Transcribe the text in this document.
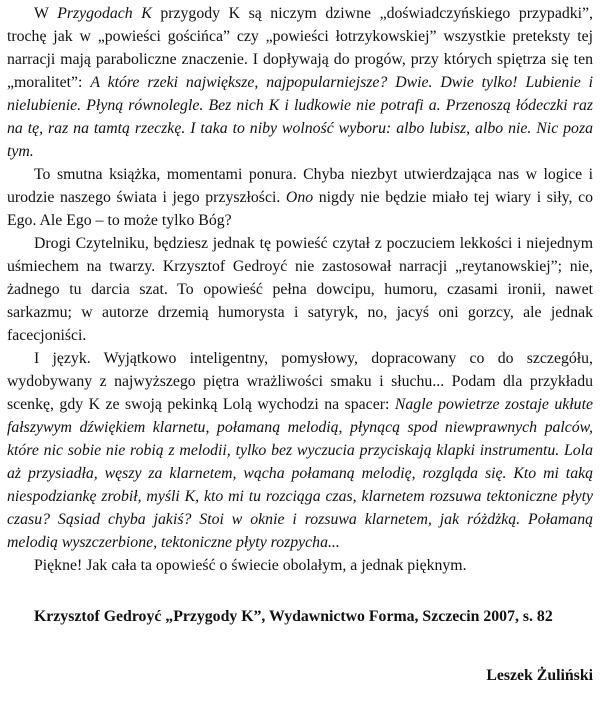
W Przygodach K przygody K są niczym dziwne „doświadczyńskiego przypadki”, trochę jak w „powieści gościńca” czy „powieści łotrzykowskiej” wszystkie preteksty tej narracji mają paraboliczne znaczenie. I dopływają do progów, przy których spiętrza się ten „moralitet”: A które rzeki największe, najpopularniejsze? Dwie. Dwie tylko! Lubienie i nielubienie. Płyną równolegle. Bez nich K i ludkowie nie potrafi a. Przenoszą łódeczki raz na tę, raz na tamtą rzeczkę. I taka to niby wolność wyboru: albo lubisz, albo nie. Nic poza tym.

To smutna książka, momentami ponura. Chyba niezbyt utwierdzająca nas w logice i urodzie naszego świata i jego przyszłości. Ono nigdy nie będzie miało tej wiary i siły, co Ego. Ale Ego – to może tylko Bóg?

Drogi Czytelniku, będziesz jednak tę powieść czytał z poczuciem lekkości i niejednym uśmiechem na twarzy. Krzysztof Gedroyć nie zastosował narracji „reytanowskiej”; nie, żadnego tu darcia szat. To opowieść pełna dowcipu, humoru, czasami ironii, nawet sarkazmu; w autorze drzemią humorysta i satyryk, no, jacyś oni gorzcy, ale jednak facecjoniści.

I język. Wyjątkowo inteligentny, pomysłowy, dopracowany co do szczegółu, wydobywany z najwyższego piętra wrażliwości smaku i słuchu... Podam dla przykładu scenkę, gdy K ze swoją pekinką Lolą wychodzi na spacer: Nagle powietrze zostaje ukłute fałszywym dźwiękiem klarnetu, połamaną melodią, płynącą spod niewprawnych palców, które nic sobie nie robią z melodii, tylko bez wyczucia przyciskają klapki instrumentu. Lola aż przysiadła, węszy za klarnetem, wącha połamaną melodię, rozgląda się. Kto mi taką niespodziankę zrobił, myśli K, kto mi tu rozciąga czas, klarnetem rozsuwa tektoniczne płyty czasu? Sąsiad chyba jakiś? Stoi w oknie i rozsuwa klarnetem, jak różdżką. Połamaną melodią wyszczerbione, tektoniczne płyty rozpycha...

Piękne! Jak cała ta opowieść o świecie obolałym, a jednak pięknym.

Krzysztof Gedroyć „Przygody K”, Wydawnictwo Forma, Szczecin 2007, s. 82

Leszek Żuliński
